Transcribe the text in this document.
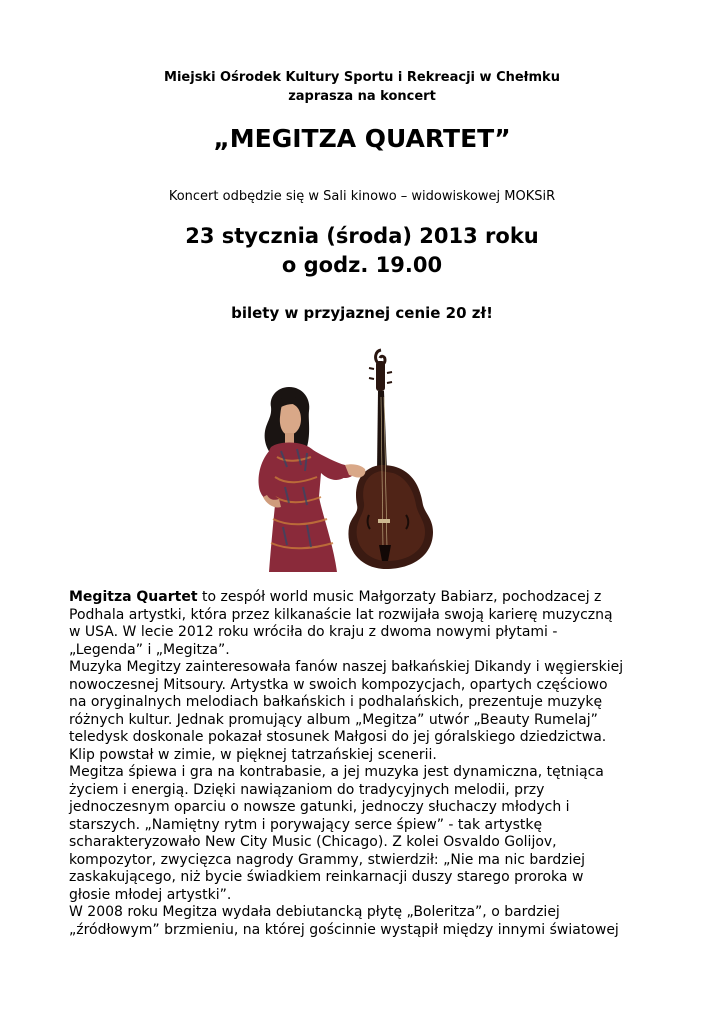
Miejski Ośrodek Kultury Sportu i Rekreacji w Chełmku
zaprasza na koncert
„MEGITZA QUARTET”
Koncert odbędzie się w Sali kinowo – widowiskowej MOKSiR
23 stycznia (środa) 2013 roku
o godz. 19.00
bilety w przyjaznej cenie 20 zł!
Megitza Quartet to zespół world music Małgorzaty Babiarz, pochodzacej z
Podhala artystki, która przez kilkanaście lat rozwijała swoją karierę muzyczną
w USA. W lecie 2012 roku wróciła do kraju z dwoma nowymi płytami -
„Legenda” i „Megitza”.
Muzyka Megitzy zainteresowała fanów naszej bałkańskiej Dikandy i węgierskiej
nowoczesnej Mitsoury. Artystka w swoich kompozycjach, opartych częściowo
na oryginalnych melodiach bałkańskich i podhalańskich, prezentuje muzykę
różnych kultur. Jednak promujący album „Megitza” utwór „Beauty Rumelaj”
teledysk doskonale pokazał stosunek Małgosi do jej góralskiego dziedzictwa.
Klip powstał w zimie, w pięknej tatrzańskiej scenerii.
Megitza śpiewa i gra na kontrabasie, a jej muzyka jest dynamiczna, tętniąca
życiem i energią. Dzięki nawiązaniom do tradycyjnych melodii, przy
jednoczesnym oparciu o nowsze gatunki, jednoczy słuchaczy młodych i
starszych. „Namiętny rytm i porywający serce śpiew” - tak artystkę
scharakteryzowało New City Music (Chicago). Z kolei Osvaldo Golijov,
kompozytor, zwycięzca nagrody Grammy, stwierdził: „Nie ma nic bardziej
zaskakującego, niż bycie świadkiem reinkarnacji duszy starego proroka w
głosie młodej artystki”.
W 2008 roku Megitza wydała debiutancką płytę „Boleritza”, o bardziej
„źródłowym” brzmieniu, na której gościnnie wystąpił między innymi światowej
